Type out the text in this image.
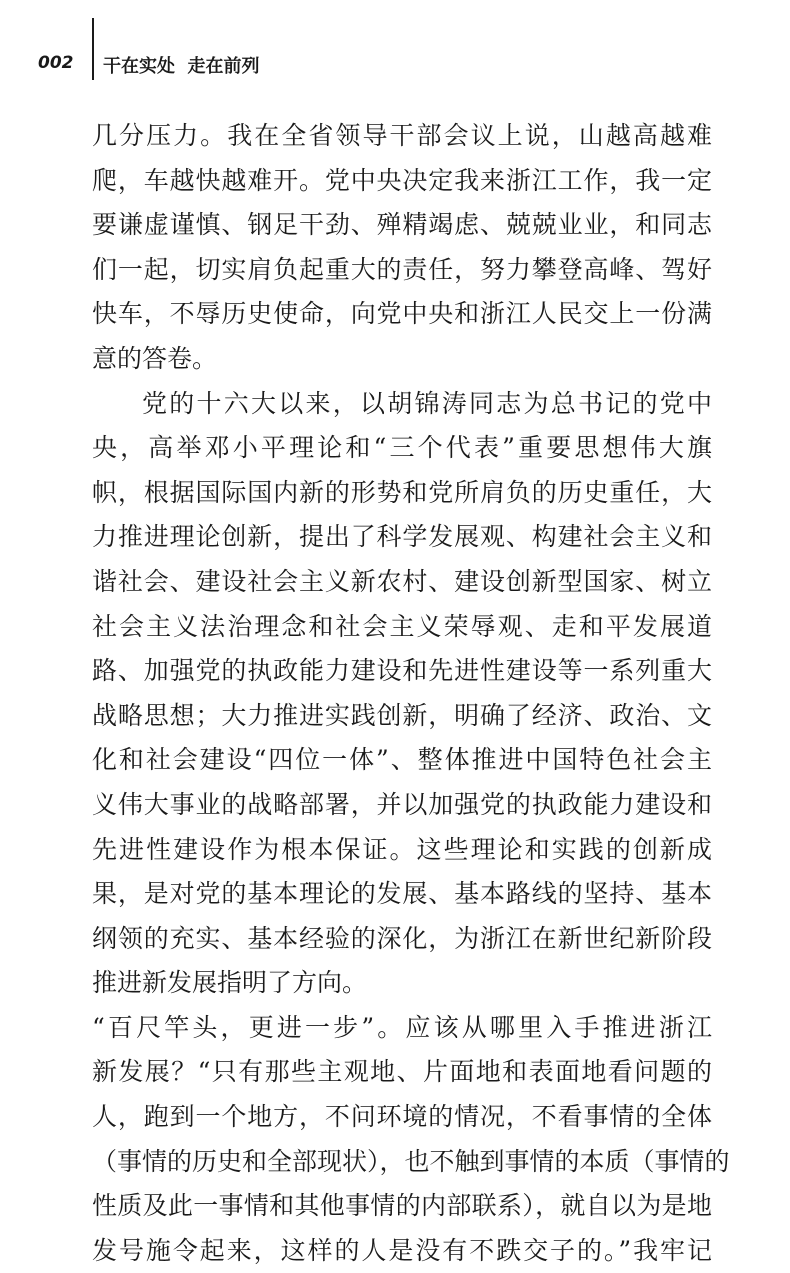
002 干在实处  走在前列
几分压力。我在全省领导干部会议上说，山越高越难
爬，车越快越难开。党中央决定我来浙江工作，我一定
要谦虚谨慎、钢足干劲、殚精竭虑、兢兢业业，和同志
们一起，切实肩负起重大的责任，努力攀登高峰、驾好
快车，不辱历史使命，向党中央和浙江人民交上一份满
意的答卷。
党的十六大以来，以胡锦涛同志为总书记的党中
央，高举邓小平理论和“三个代表”重要思想伟大旗
帜，根据国际国内新的形势和党所肩负的历史重任，大
力推进理论创新，提出了科学发展观、构建社会主义和
谐社会、建设社会主义新农村、建设创新型国家、树立
社会主义法治理念和社会主义荣辱观、走和平发展道
路、加强党的执政能力建设和先进性建设等一系列重大
战略思想；大力推进实践创新，明确了经济、政治、文
化和社会建设“四位一体”、整体推进中国特色社会主
义伟大事业的战略部署，并以加强党的执政能力建设和
先进性建设作为根本保证。这些理论和实践的创新成
果，是对党的基本理论的发展、基本路线的坚持、基本
纲领的充实、基本经验的深化，为浙江在新世纪新阶段
推进新发展指明了方向。
“百尺竿头，更进一步”。应该从哪里入手推进浙江
新发展？“只有那些主观地、片面地和表面地看问题的
人，跑到一个地方，不问环境的情况，不看事情的全体
（事情的历史和全部现状），也不触到事情的本质（事情的
性质及此一事情和其他事情的内部联系），就自以为是地
发号施令起来，这样的人是没有不跌交子的。”我牢记
